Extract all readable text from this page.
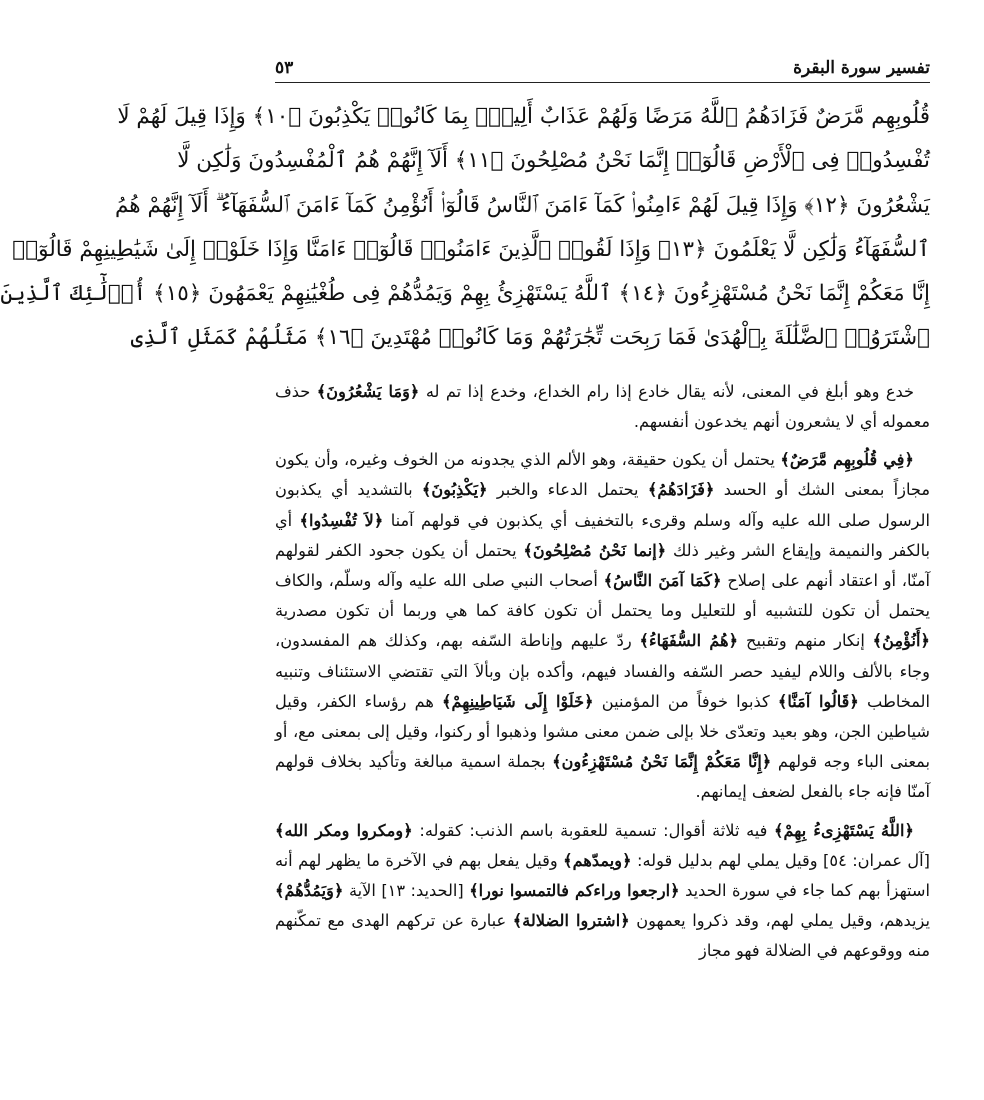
تفسير سورة البقرة
٥٣
قُلُوبِهِم مَّرَضٌ فَزَادَهُمُ ٱللَّهُ مَرَضًا وَلَهُمْ عَذَابٌ أَلِيمٌۢ بِمَا كَانُوا۟ يَكْذِبُونَ ﴿١٠﴾ وَإِذَا قِيلَ لَهُمْ لَا
تُفْسِدُوا۟ فِى ٱلْأَرْضِ قَالُوٓا۟ إِنَّمَا نَحْنُ مُصْلِحُونَ ﴿١١﴾ أَلَآ إِنَّهُمْ هُمُ ٱلْمُفْسِدُونَ وَلَٰكِن لَّا
يَشْعُرُونَ ﴿١٢﴾ وَإِذَا قِيلَ لَهُمْ ءَامِنُوا۟ كَمَآ ءَامَنَ ٱلنَّاسُ قَالُوٓا۟ أَنُؤْمِنُ كَمَآ ءَامَنَ ٱلسُّفَهَآءُ ۗ أَلَآ إِنَّهُمْ هُمُ
ٱلسُّفَهَآءُ وَلَٰكِن لَّا يَعْلَمُونَ ﴿١٣﴾ وَإِذَا لَقُوا۟ ٱلَّذِينَ ءَامَنُوا۟ قَالُوٓا۟ ءَامَنَّا وَإِذَا خَلَوْا۟ إِلَىٰ شَيَٰطِينِهِمْ قَالُوٓا۟
إِنَّا مَعَكُمْ إِنَّمَا نَحْنُ مُسْتَهْزِءُونَ ﴿١٤﴾ ٱللَّهُ يَسْتَهْزِئُ بِهِمْ وَيَمُدُّهُمْ فِى طُغْيَٰنِهِمْ يَعْمَهُونَ ﴿١٥﴾ أُو۟لَٰٓئِكَ ٱلَّذِينَ
ٱشْتَرَوُا۟ ٱلضَّلَٰلَةَ بِٱلْهُدَىٰ فَمَا رَبِحَت تِّجَٰرَتُهُمْ وَمَا كَانُوا۟ مُهْتَدِينَ ﴿١٦﴾ مَثَلُهُمْ كَمَثَلِ ٱلَّذِى

خدع وهو أبلغ في المعنى، لأنه يقال خادع إذا رام الخداع، وخدع إذا تم له ﴿وَمَا يَشْعُرُونَ﴾ حذف معموله أي لا يشعرون أنهم يخدعون أنفسهم.

﴿فِي قُلُوبِهِم مَّرَضٌ﴾ يحتمل أن يكون حقيقة، وهو الألم الذي يجدونه من الخوف وغيره، وأن يكون مجازاً بمعنى الشك أو الحسد ﴿فَزَادَهُمُ﴾ يحتمل الدعاء والخبر ﴿يَكْذِبُونَ﴾ بالتشديد أي يكذبون الرسول صلى الله عليه وآله وسلم وقرىء بالتخفيف أي يكذبون في قولهم آمنا ﴿لاَ تُفْسِدُوا﴾ أي بالكفر والنميمة وإيقاع الشر وغير ذلك ﴿إنما نَحْنُ مُصْلِحُونَ﴾ يحتمل أن يكون جحود الكفر لقولهم آمنّا، أو اعتقاد أنهم على إصلاح ﴿كَمَا آمَنَ النَّاسُ﴾ أصحاب النبي صلى الله عليه وآله وسلّم، والكاف يحتمل أن تكون للتشبيه أو للتعليل وما يحتمل أن تكون كافة كما هي وربما أن تكون مصدرية ﴿أَنُؤْمِنُ﴾ إنكار منهم وتقبيح ﴿هُمُ السُّفَهَاءُ﴾ ردّ عليهم وإناطة السّفه بهم، وكذلك هم المفسدون، وجاء بالألف واللام ليفيد حصر السّفه والفساد فيهم، وأكده بإن وبألاَ التي تقتضي الاستئناف وتنبيه المخاطب ﴿قَالُوا آمَنَّا﴾ كذبوا خوفاً من المؤمنين ﴿خَلَوْا إِلَى شَيَاطِينِهِمْ﴾ هم رؤساء الكفر، وقيل شياطين الجن، وهو بعيد وتعدّى خلا بإلى ضمن معنى مشوا وذهبوا أو ركنوا، وقيل إلى بمعنى مع، أو بمعنى الباء وجه قولهم ﴿إِنَّا مَعَكُمْ إِنَّمَا نَحْنُ مُسْتَهْزِءُون﴾ بجملة اسمية مبالغة وتأكيد بخلاف قولهم آمنّا فإنه جاء بالفعل لضعف إيمانهم.

﴿اللَّهُ يَسْتَهْزِىءُ بِهِمْ﴾ فيه ثلاثة أقوال: تسمية للعقوبة باسم الذنب: كقوله: ﴿ومكروا ومكر الله﴾ [آل عمران: ٥٤] وقيل يملي لهم بدليل قوله: ﴿ويمدّهم﴾ وقيل يفعل بهم في الآخرة ما يظهر لهم أنه استهزأ بهم كما جاء في سورة الحديد ﴿ارجعوا وراءكم فالتمسوا نورا﴾ [الحديد: ١٣] الآية ﴿وَيَمُدُّهُمْ﴾ يزيدهم، وقيل يملي لهم، وقد ذكروا يعمهون ﴿اشتروا الضلالة﴾ عبارة عن تركهم الهدى مع تمكّنهم منه ووقوعهم في الضلالة فهو مجاز
